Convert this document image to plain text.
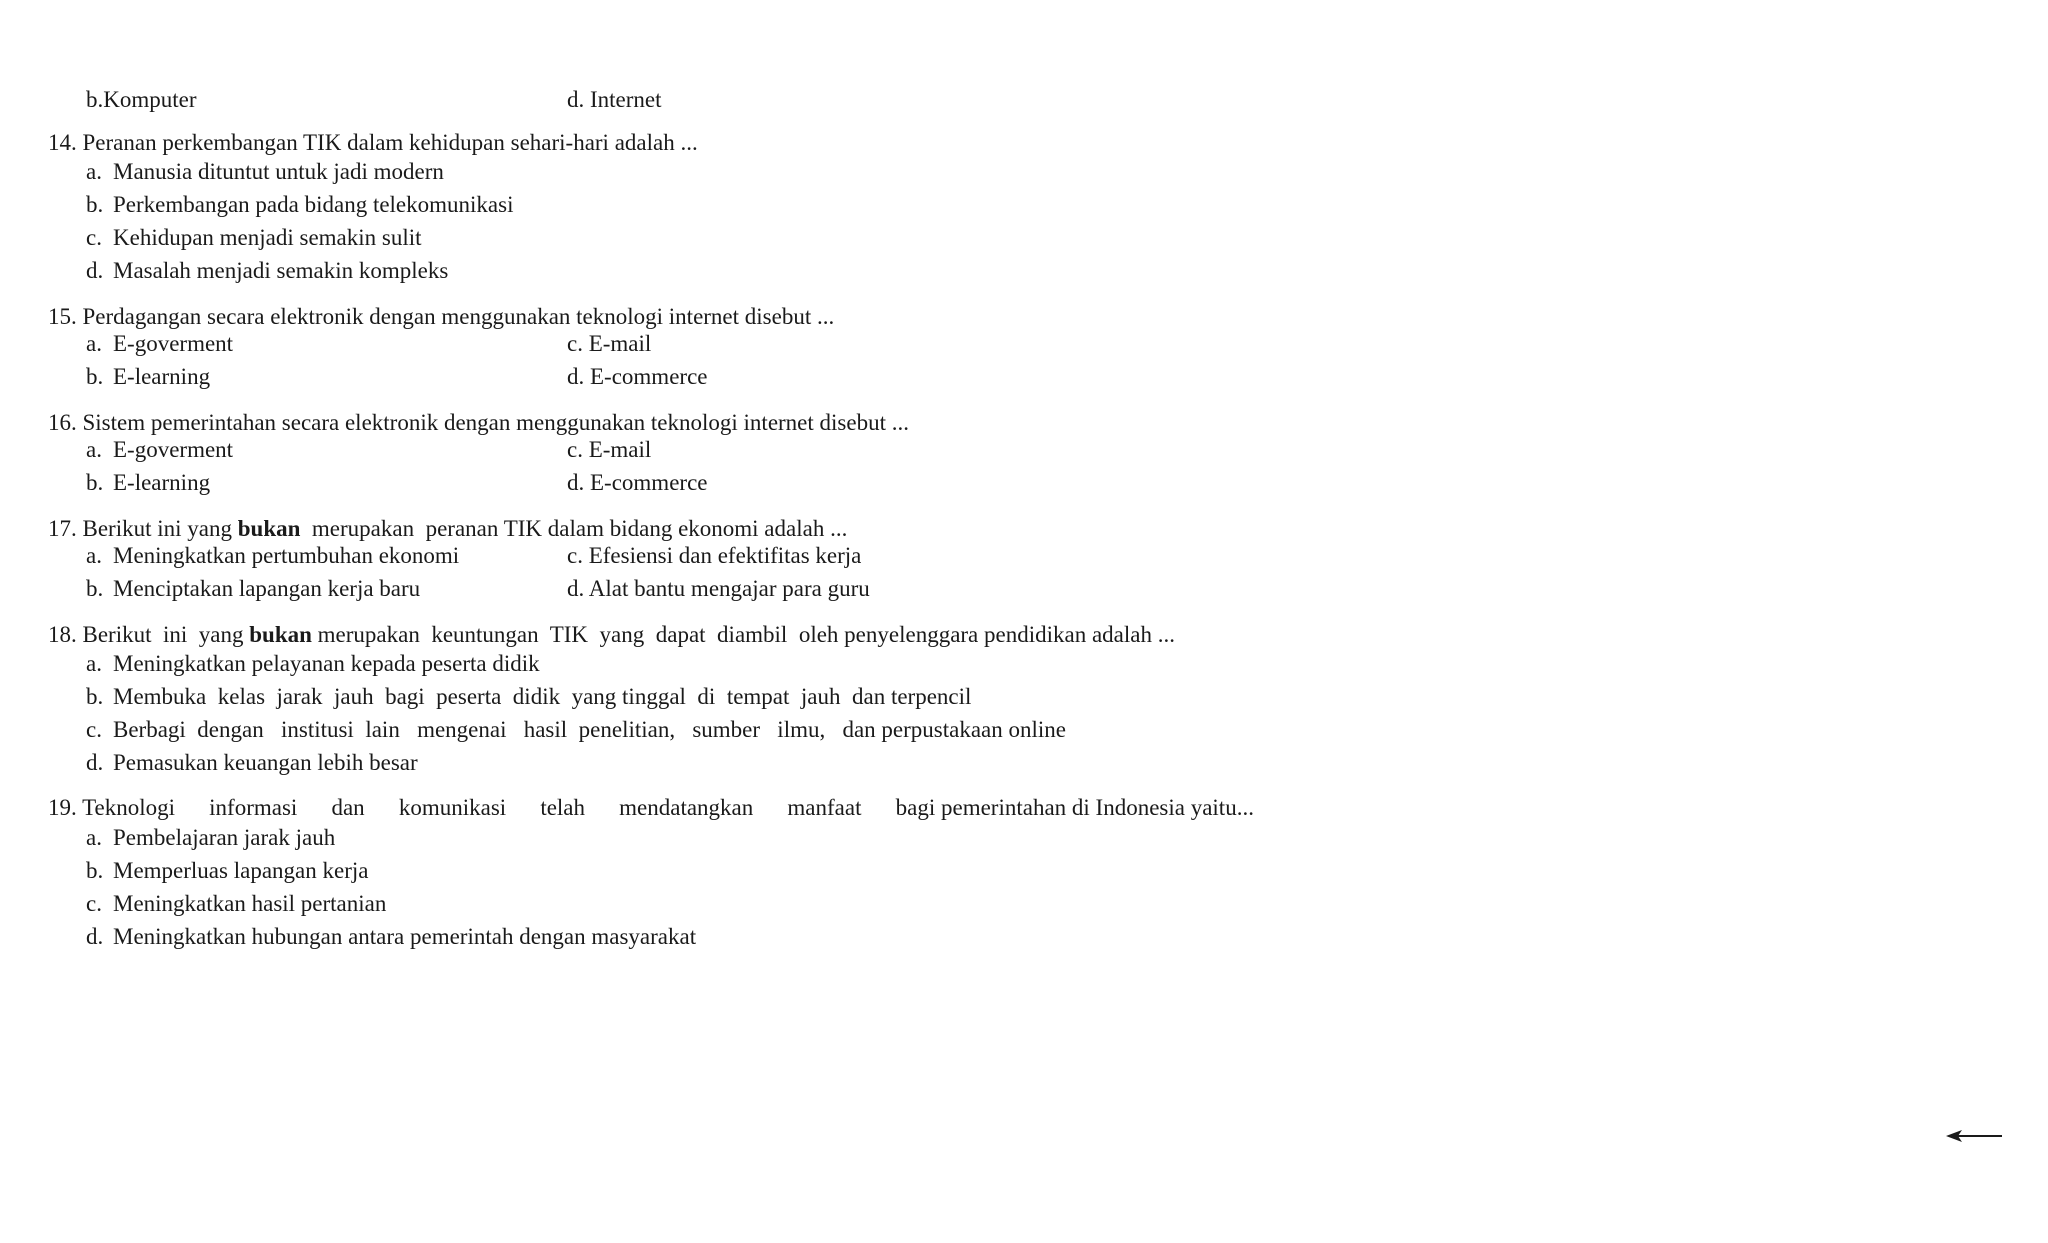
b.Komputer	d. Internet
14. Peranan perkembangan TIK dalam kehidupan sehari-hari adalah ...
a. Manusia dituntut untuk jadi modern
b. Perkembangan pada bidang telekomunikasi
c. Kehidupan menjadi semakin sulit
d. Masalah menjadi semakin kompleks
15. Perdagangan secara elektronik dengan menggunakan teknologi internet disebut ...
a. E-goverment	c. E-mail
b. E-learning	d. E-commerce
16. Sistem pemerintahan secara elektronik dengan menggunakan teknologi internet disebut ...
a. E-goverment	c. E-mail
b. E-learning	d. E-commerce
17. Berikut ini yang bukan  merupakan  peranan TIK dalam bidang ekonomi adalah ...
a. Meningkatkan pertumbuhan ekonomi	c. Efesiensi dan efektifitas kerja
b. Menciptakan lapangan kerja baru	d. Alat bantu mengajar para guru
18. Berikut  ini  yang bukan merupakan  keuntungan  TIK  yang  dapat  diambil  oleh penyelenggara pendidikan adalah ...
a. Meningkatkan pelayanan kepada peserta didik
b. Membuka  kelas  jarak  jauh  bagi  peserta  didik  yang tinggal  di  tempat  jauh  dan terpencil
c. Berbagi  dengan   institusi  lain   mengenai   hasil  penelitian,   sumber   ilmu,   dan perpustakaan online
d. Pemasukan keuangan lebih besar
19. Teknologi informasi dan komunikasi telah mendatangkan manfaat bagi pemerintahan di Indonesia yaitu...
a. Pembelajaran jarak jauh
b. Memperluas lapangan kerja
c. Meningkatkan hasil pertanian
d. Meningkatkan hubungan antara pemerintah dengan masyarakat
